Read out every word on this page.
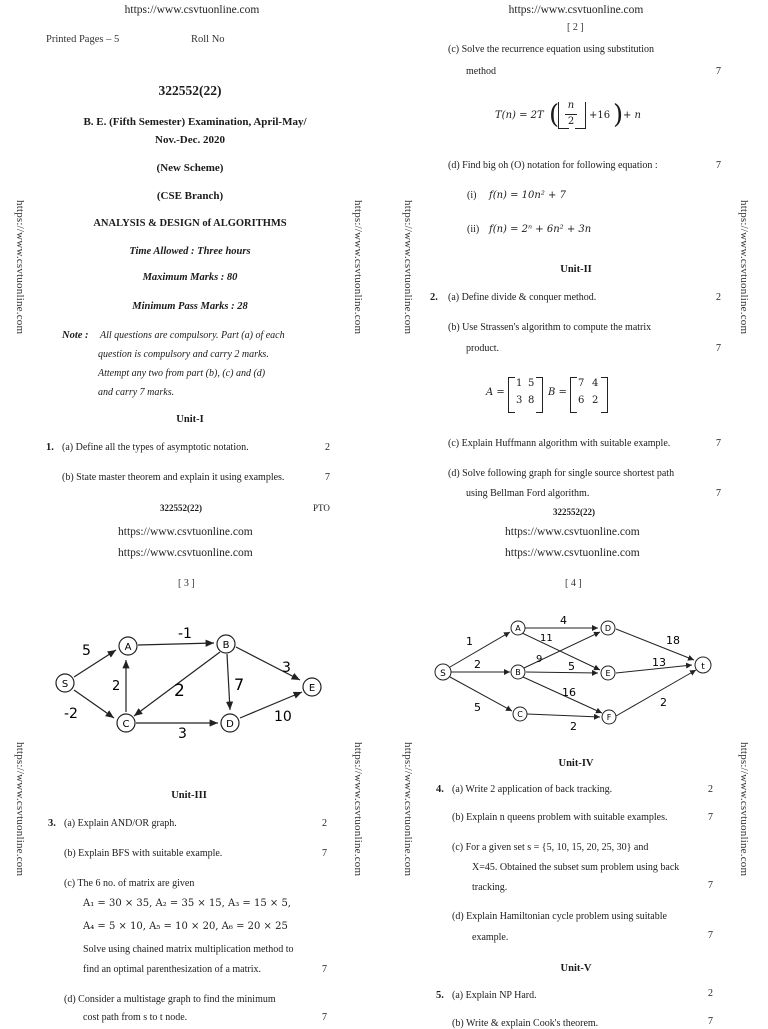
https://www.csvtuonline.com	https://www.csvtuonline.com
https://www.csvtuonline.com	https://www.csvtuonline.com	https://www.csvtuonline.com	https://www.csvtuonline.com
https://www.csvtuonline.com	https://www.csvtuonline.com	https://www.csvtuonline.com	https://www.csvtuonline.com
Printed Pages – 5	Roll No
322552(22)
B. E. (Fifth Semester) Examination, April-May/
Nov.-Dec. 2020
(New Scheme)
(CSE Branch)
ANALYSIS & DESIGN of ALGORITHMS
Time Allowed : Three hours
Maximum Marks : 80
Minimum Pass Marks : 28
Note : All questions are compulsory. Part (a) of each
question is compulsory and carry 2 marks.
Attempt any two from part (b), (c) and (d)
and carry 7 marks.
Unit-I
1. (a) Define all the types of asymptotic notation.	2
(b) State master theorem and explain it using examples.	7
322552(22)	PTO
https://www.csvtuonline.com
[ 2 ]
(c) Solve the recurrence equation using substitution
method	7
T(n) = 2T ( n
2
+16 ) + n
(d) Find big oh (O) notation for following equation :	7
(i) f(n) = 10n² + 7
(ii) f(n) = 2ⁿ + 6n² + 3n
Unit-II
2. (a) Define divide & conquer method.	2
(b) Use Strassen's algorithm to compute the matrix
product.	7
A =
1 5
3 8
B =
7 4
6 2
(c) Explain Huffmann algorithm with suitable example.	7
(d) Solve following graph for single source shortest path
using Bellman Ford algorithm.	7
322552(22)
https://www.csvtuonline.com
https://www.csvtuonline.com	https://www.csvtuonline.com
[ 3 ]
S
A	B
C	D
E
5
-1
2	2	7
3
-2
3
10
Unit-III
3. (a) Explain AND/OR graph.	2
(b) Explain BFS with suitable example.	7
(c) The 6 no. of matrix are given
A₁ = 30 × 35, A₂ = 35 × 15, A₃ = 15 × 5,
A₄ = 5 × 10, A₅ = 10 × 20, A₆ = 20 × 25
Solve using chained matrix multiplication method to
find an optimal parenthesization of a matrix.	7
(d) Consider a multistage graph to find the minimum
cost path from s to t node.	7
[ 4 ]
S
A
B
C
D
E
F
t
1
2
5
4
11
9
5
16
2
18
13
2
Unit-IV
4. (a) Write 2 application of back tracking.	2
(b) Explain n queens problem with suitable examples.	7
(c) For a given set s = {5, 10, 15, 20, 25, 30} and
X=45. Obtained the subset sum problem using back
tracking.	7
(d) Explain Hamiltonian cycle problem using suitable
example.	7
Unit-V
5. (a) Explain NP Hard.	2
(b) Write & explain Cook's theorem.	7
